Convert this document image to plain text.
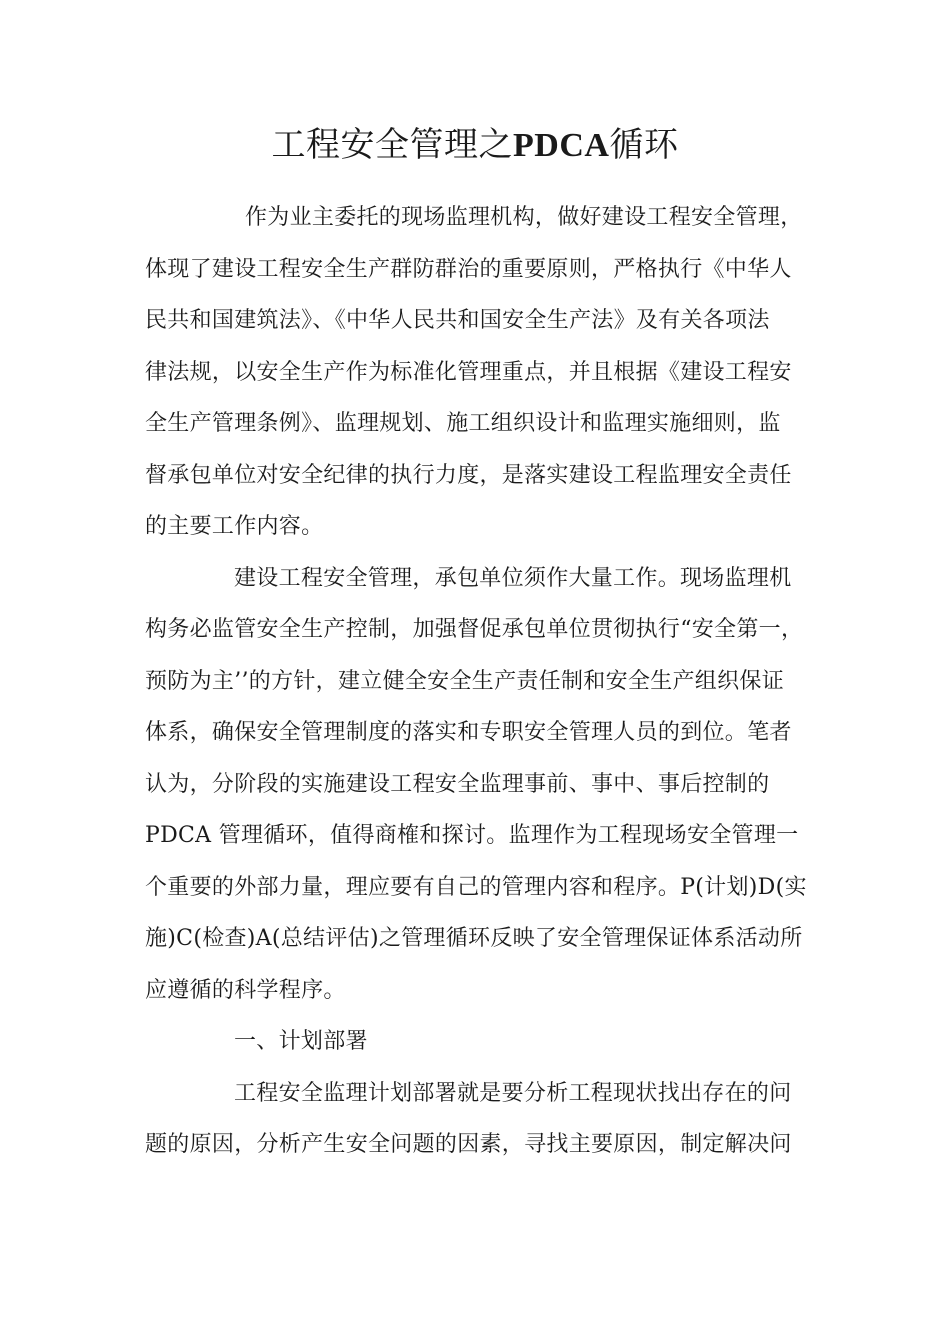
工程安全管理之PDCA循环
作为业主委托的现场监理机构，做好建设工程安全管理，
体现了建设工程安全生产群防群治的重要原则，严格执行《中华人
民共和国建筑法》、《中华人民共和国安全生产法》及有关各项法
律法规，以安全生产作为标准化管理重点，并且根据《建设工程安
全生产管理条例》、监理规划、施工组织设计和监理实施细则，监
督承包单位对安全纪律的执行力度，是落实建设工程监理安全责任
的主要工作内容。
建设工程安全管理，承包单位须作大量工作。现场监理机
构务必监管安全生产控制，加强督促承包单位贯彻执行“安全第一，
预防为主’’的方针，建立健全安全生产责任制和安全生产组织保证
体系，确保安全管理制度的落实和专职安全管理人员的到位。笔者
认为，分阶段的实施建设工程安全监理事前、事中、事后控制的
PDCA 管理循环，值得商榷和探讨。监理作为工程现场安全管理一
个重要的外部力量，理应要有自己的管理内容和程序。P(计划)D(实
施)C(检查)A(总结评估)之管理循环反映了安全管理保证体系活动所
应遵循的科学程序。
一、计划部署
工程安全监理计划部署就是要分析工程现状找出存在的问
题的原因，分析产生安全问题的因素，寻找主要原因，制定解决问
